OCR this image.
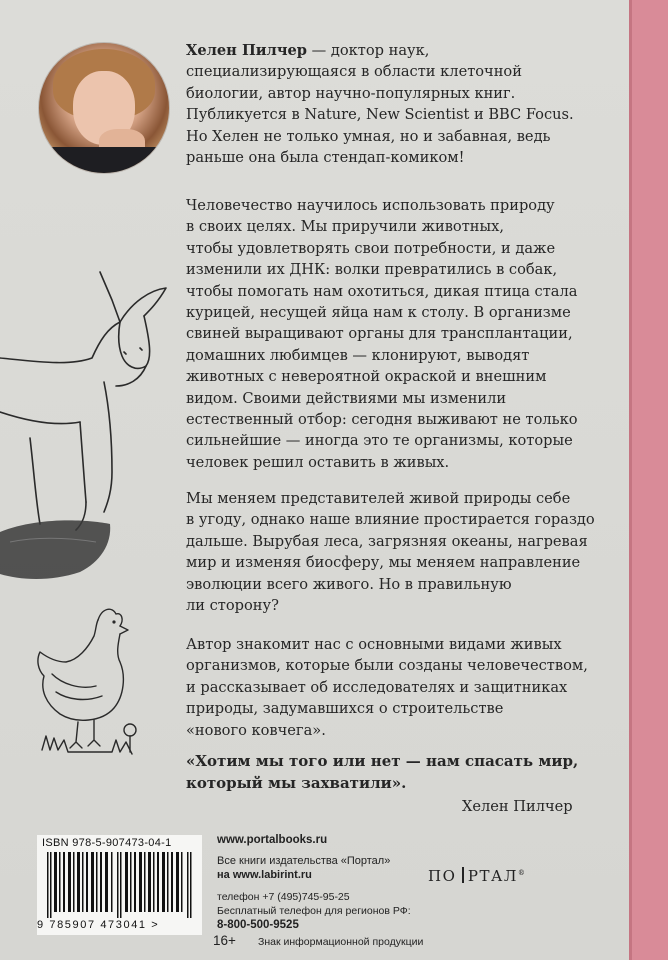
Хелен Пилчер — доктор наук,
специализирующаяся в области клеточной
биологии, автор научно-популярных книг.
Публикуется в Nature, New Scientist и BBC Focus.
Но Хелен не только умная, но и забавная, ведь
раньше она была стендап-комиком!
Человечество научилось использовать природу
в своих целях. Мы приручили животных,
чтобы удовлетворять свои потребности, и даже
изменили их ДНК: волки превратились в собак,
чтобы помогать нам охотиться, дикая птица стала
курицей, несущей яйца нам к столу. В организме
свиней выращивают органы для трансплантации,
домашних любимцев — клонируют, выводят
животных с невероятной окраской и внешним
видом. Своими действиями мы изменили
естественный отбор: сегодня выживают не только
сильнейшие — иногда это те организмы, которые
человек решил оставить в живых.
Мы меняем представителей живой природы себе
в угоду, однако наше влияние простирается гораздо
дальше. Вырубая леса, загрязняя океаны, нагревая
мир и изменяя биосферу, мы меняем направление
эволюции всего живого. Но в правильную
ли сторону?
Автор знакомит нас с основными видами живых
организмов, которые были созданы человечеством,
и рассказывает об исследователях и защитниках
природы, задумавшихся о строительстве
«нового ковчега».
«Хотим мы того или нет — нам спасать мир,
который мы захватили».
Хелен Пилчер
ISBN 978-5-907473-04-1
9 785907 473041 >
www.portalbooks.ru
Все книги издательства «Портал»
на www.labirint.ru
телефон +7 (495)745-95-25
Бесплатный телефон для регионов РФ:
8-800-500-9525
ПО РТАЛ®
16+ Знак информационной продукции
